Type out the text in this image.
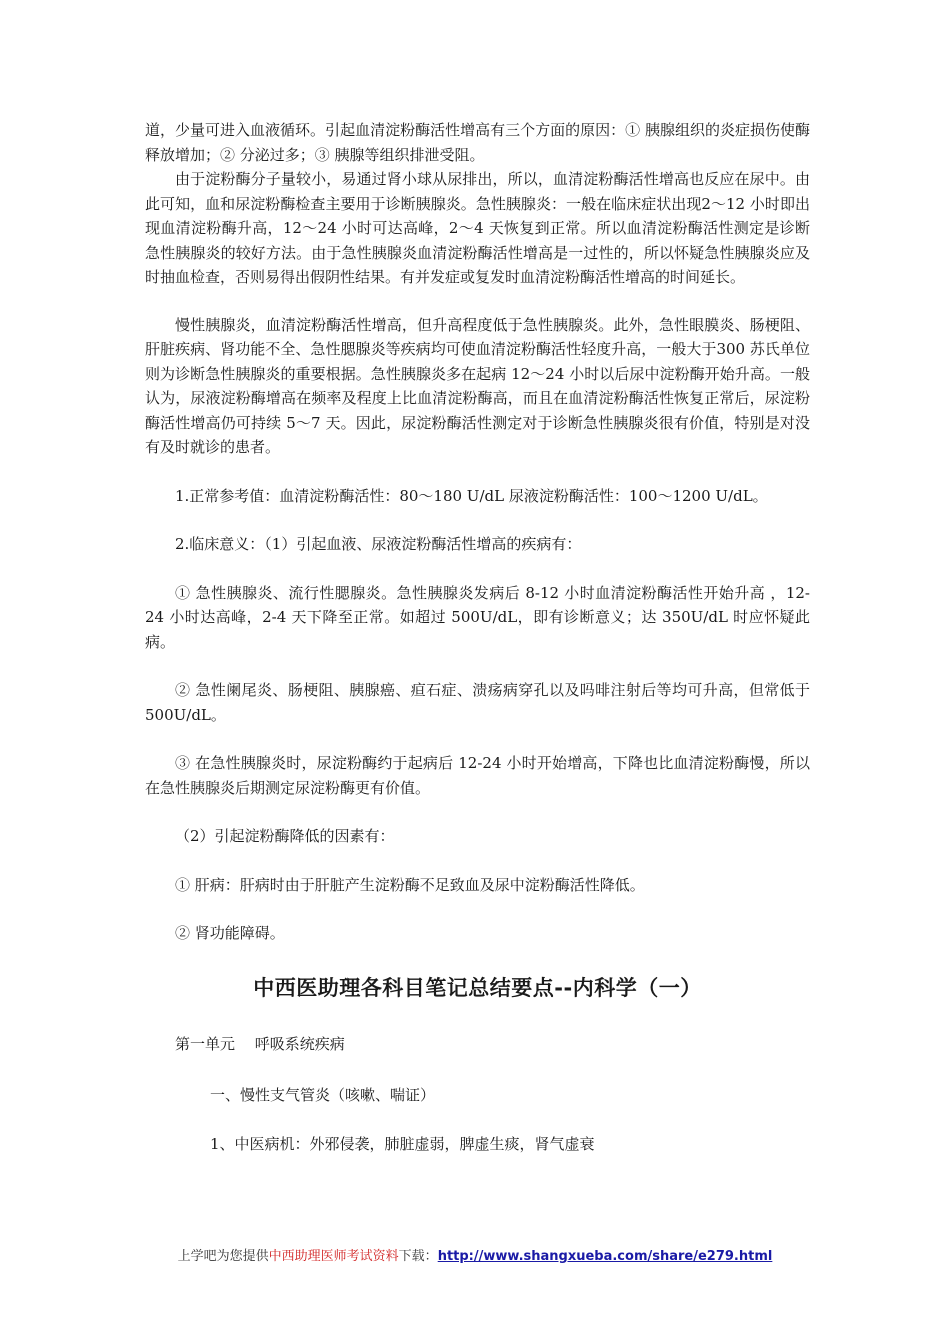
道，少量可进入血液循环。引起血清淀粉酶活性增高有三个方面的原因：① 胰腺组织的炎症损伤使酶释放增加；② 分泌过多；③ 胰腺等组织排泄受阻。

由于淀粉酶分子量较小，易通过肾小球从尿排出，所以，血清淀粉酶活性增高也反应在尿中。由此可知，血和尿淀粉酶检查主要用于诊断胰腺炎。急性胰腺炎：一般在临床症状出现2～12 小时即出现血清淀粉酶升高，12～24 小时可达高峰，2～4 天恢复到正常。所以血清淀粉酶活性测定是诊断急性胰腺炎的较好方法。由于急性胰腺炎血清淀粉酶活性增高是一过性的，所以怀疑急性胰腺炎应及时抽血检查，否则易得出假阴性结果。有并发症或复发时血清淀粉酶活性增高的时间延长。

慢性胰腺炎，血清淀粉酶活性增高，但升高程度低于急性胰腺炎。此外，急性眼膜炎、肠梗阻、肝脏疾病、肾功能不全、急性腮腺炎等疾病均可使血清淀粉酶活性轻度升高，一般大于300 苏氏单位则为诊断急性胰腺炎的重要根据。急性胰腺炎多在起病 12～24 小时以后尿中淀粉酶开始升高。一般认为，尿液淀粉酶增高在频率及程度上比血清淀粉酶高，而且在血清淀粉酶活性恢复正常后，尿淀粉酶活性增高仍可持续 5～7 天。因此，尿淀粉酶活性测定对于诊断急性胰腺炎很有价值，特别是对没有及时就诊的患者。

1.正常参考值：血清淀粉酶活性：80～180 U/dL 尿液淀粉酶活性：100～1200 U/dL。

2.临床意义：（1）引起血液、尿液淀粉酶活性增高的疾病有：

① 急性胰腺炎、流行性腮腺炎。急性胰腺炎发病后 8-12 小时血清淀粉酶活性开始升高 ，12-24 小时达高峰，2-4 天下降至正常。如超过 500U/dL，即有诊断意义；达 350U/dL 时应怀疑此病。

② 急性阑尾炎、肠梗阻、胰腺癌、疸石症、溃疡病穿孔以及吗啡注射后等均可升高，但常低于 500U/dL。

③ 在急性胰腺炎时，尿淀粉酶约于起病后 12-24 小时开始增高，下降也比血清淀粉酶慢，所以在急性胰腺炎后期测定尿淀粉酶更有价值。

（2）引起淀粉酶降低的因素有：

① 肝病：肝病时由于肝脏产生淀粉酶不足致血及尿中淀粉酶活性降低。

② 肾功能障碍。

中西医助理各科目笔记总结要点--内科学（一）
第一单元　 呼吸系统疾病
一、慢性支气管炎（咳嗽、喘证）
1、中医病机：外邪侵袭，肺脏虚弱，脾虚生痰，肾气虚衰
上学吧为您提供中西助理医师考试资料下载：http://www.shangxueba.com/share/e279.html
